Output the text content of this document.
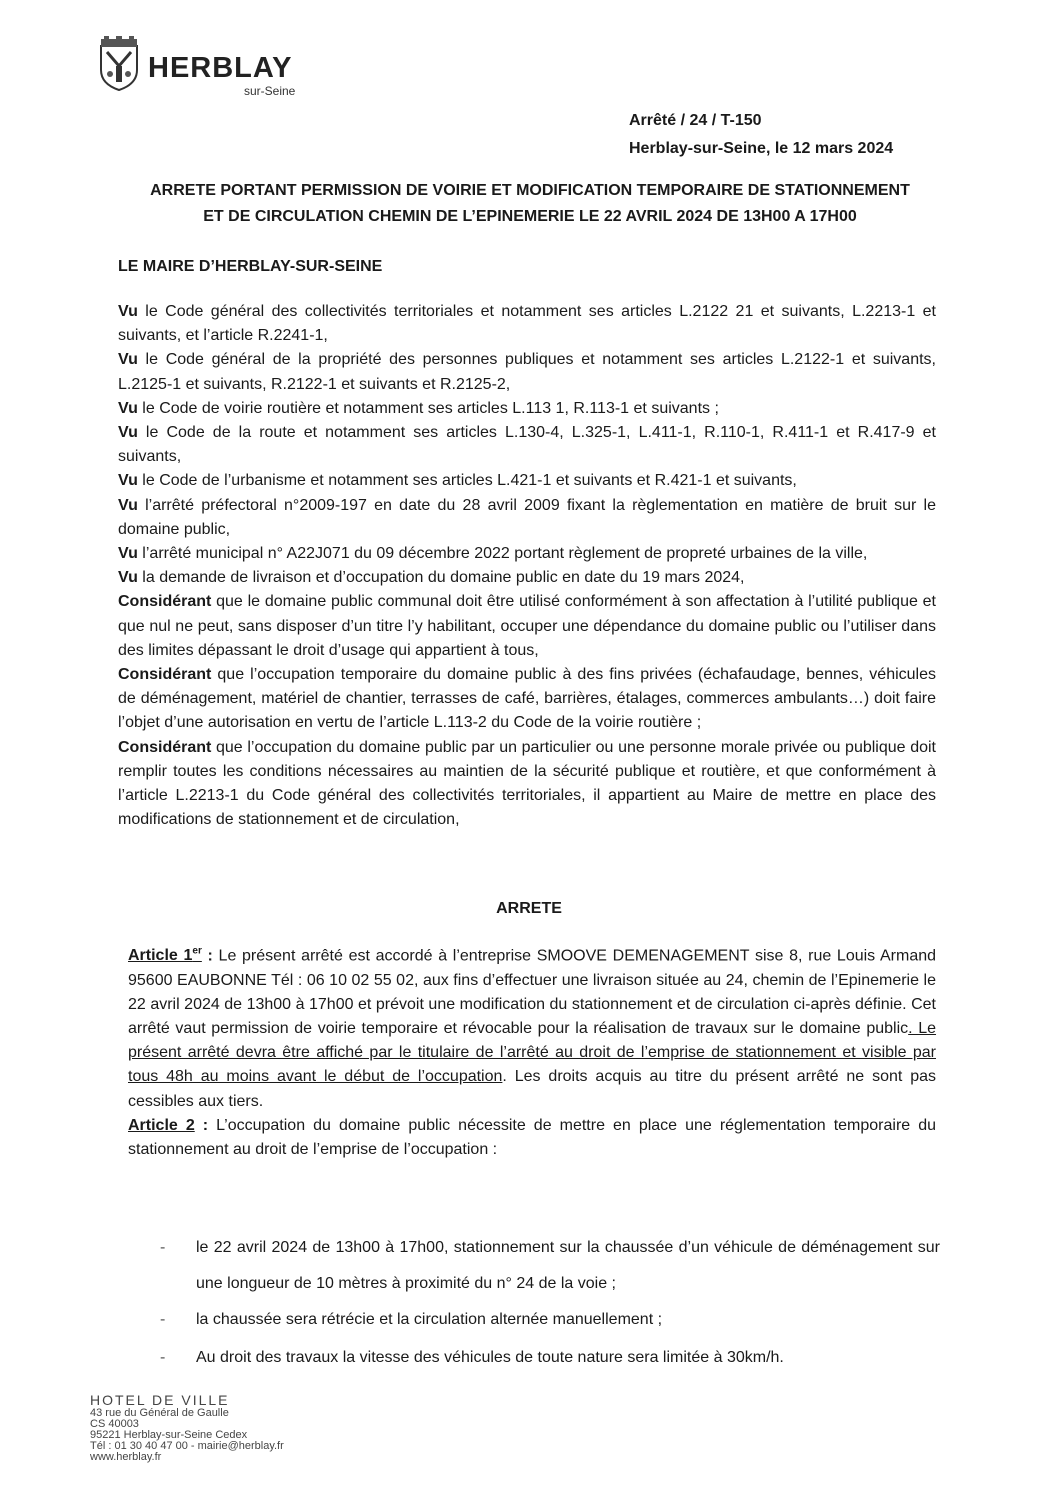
HERBLAY
sur-Seine
Arrêté / 24 / T-150
Herblay-sur-Seine, le 12 mars 2024
ARRETE PORTANT PERMISSION DE VOIRIE ET MODIFICATION TEMPORAIRE DE STATIONNEMENT
ET DE CIRCULATION CHEMIN DE L’EPINEMERIE LE 22 AVRIL 2024 DE 13H00 A 17H00
LE MAIRE D’HERBLAY-SUR-SEINE

Vu le Code général des collectivités territoriales et notamment ses articles L.2122 21 et suivants, L.2213-1 et suivants, et l’article R.2241-1,

Vu le Code général de la propriété des personnes publiques et notamment ses articles L.2122-1 et suivants, L.2125-1 et suivants, R.2122-1 et suivants et R.2125-2,

Vu le Code de voirie routière et notamment ses articles L.113 1, R.113-1 et suivants ;

Vu le Code de la route et notamment ses articles L.130-4, L.325-1, L.411-1, R.110-1, R.411-1 et R.417-9 et suivants,

Vu le Code de l’urbanisme et notamment ses articles L.421-1 et suivants et R.421-1 et suivants,

Vu l’arrêté préfectoral n°2009-197 en date du 28 avril 2009 fixant la règlementation en matière de bruit sur le domaine public,

Vu l’arrêté municipal n° A22J071 du 09 décembre 2022 portant règlement de propreté urbaines de la ville,

Vu la demande de livraison et d’occupation du domaine public en date du 19 mars 2024,

Considérant que le domaine public communal doit être utilisé conformément à son affectation à l’utilité publique et que nul ne peut, sans disposer d’un titre l’y habilitant, occuper une dépendance du domaine public ou l’utiliser dans des limites dépassant le droit d’usage qui appartient à tous,

Considérant que l’occupation temporaire du domaine public à des fins privées (échafaudage, bennes, véhicules de déménagement, matériel de chantier, terrasses de café, barrières, étalages, commerces ambulants…) doit faire l’objet d’une autorisation en vertu de l’article L.113-2 du Code de la voirie routière ;

Considérant que l’occupation du domaine public par un particulier ou une personne morale privée ou publique doit remplir toutes les conditions nécessaires au maintien de la sécurité publique et routière, et que conformément à l’article L.2213-1 du Code général des collectivités territoriales, il appartient au Maire de mettre en place des modifications de stationnement et de circulation,

ARRETE

Article 1er : Le présent arrêté est accordé à l’entreprise SMOOVE DEMENAGEMENT sise 8, rue Louis Armand 95600 EAUBONNE Tél : 06 10 02 55 02, aux fins d’effectuer une livraison située au 24, chemin de l’Epinemerie le 22 avril 2024 de 13h00 à 17h00 et prévoit une modification du stationnement et de circulation ci-après définie. Cet arrêté vaut permission de voirie temporaire et révocable pour la réalisation de travaux sur le domaine public. Le présent arrêté devra être affiché par le titulaire de l’arrêté au droit de l’emprise de stationnement et visible par tous 48h au moins avant le début de l’occupation. Les droits acquis au titre du présent arrêté ne sont pas cessibles aux tiers.

Article 2 : L’occupation du domaine public nécessite de mettre en place une réglementation temporaire du stationnement au droit de l’emprise de l’occupation :

- le 22 avril 2024 de 13h00 à 17h00, stationnement sur la chaussée d’un véhicule de déménagement sur une longueur de 10 mètres à proximité du n° 24 de la voie ;
- la chaussée sera rétrécie et la circulation alternée manuellement ;
- Au droit des travaux la vitesse des véhicules de toute nature sera limitée à 30km/h.
HOTEL DE VILLE
43 rue du Général de Gaulle
CS 40003
95221 Herblay-sur-Seine Cedex
Tél : 01 30 40 47 00 - mairie@herblay.fr
www.herblay.fr
